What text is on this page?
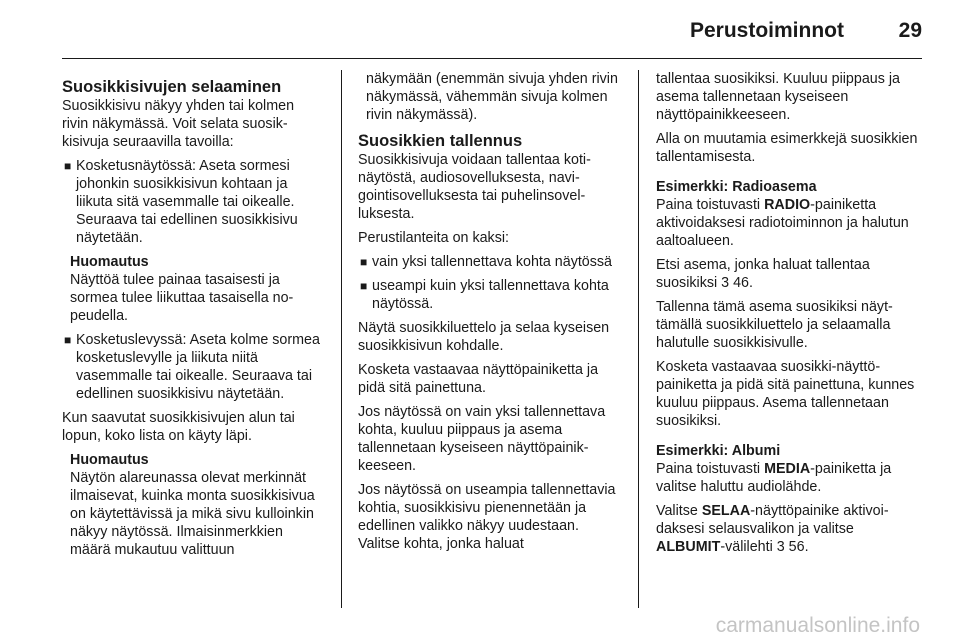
Perustoiminnot	29
Suosikkisivujen selaaminen

Suosikkisivu näkyy yhden tai kolmen rivin näkymässä. Voit selata suosikkisivuja seuraavilla tavoilla:

■ Kosketusnäytössä: Aseta sormesi johonkin suosikkisivun kohtaan ja liikuta sitä vasemmalle tai oikealle. Seuraava tai edellinen suosikkisivu näytetään.

Huomautus

Näyttöä tulee painaa tasaisesti ja sormea tulee liikuttaa tasaisella nopeudella.

■ Kosketuslevyssä: Aseta kolme sormea kosketuslevylle ja liikuta niitä vasemmalle tai oikealle. Seuraava tai edellinen suosikkisivu näytetään.

Kun saavutat suosikkisivujen alun tai lopun, koko lista on käyty läpi.

Huomautus

Näytön alareunassa olevat merkinnät ilmaisevat, kuinka monta suosikkisivua on käytettävissä ja mikä sivu kulloinkin näkyy näytössä. Ilmaisinmerkkien määrä mukautuu valittuun

näkymään (enemmän sivuja yhden rivin näkymässä, vähemmän sivuja kolmen rivin näkymässä).

Suosikkien tallennus

Suosikkisivuja voidaan tallentaa kotinäytöstä, audiosovelluksesta, navigointisovelluksesta tai puhelinsovelluksesta.

Perustilanteita on kaksi:

■ vain yksi tallennettava kohta näytössä
■ useampi kuin yksi tallennettava kohta näytössä.

Näytä suosikkiluettelo ja selaa kyseisen suosikkisivun kohdalle.

Kosketa vastaavaa näyttöpainiketta ja pidä sitä painettuna.

Jos näytössä on vain yksi tallennettava kohta, kuuluu piippaus ja asema tallennetaan kyseiseen näyttöpainikkeeseen.

Jos näytössä on useampia tallennettavia kohtia, suosikkisivu pienennetään ja edellinen valikko näkyy uudestaan. Valitse kohta, jonka haluat

tallentaa suosikiksi. Kuuluu piippaus ja asema tallennetaan kyseiseen näyttöpainikkeeseen.

Alla on muutamia esimerkkejä suosikkien tallentamisesta.

Esimerkki: Radioasema

Paina toistuvasti RADIO-painiketta aktivoidaksesi radiotoiminnon ja halutun aaltoalueen.

Etsi asema, jonka haluat tallentaa suosikiksi 3 46.

Tallenna tämä asema suosikiksi näyttämällä suosikkiluettelo ja selaamalla halutulle suosikkisivulle.

Kosketa vastaavaa suosikki-näyttöpainiketta ja pidä sitä painettuna, kunnes kuuluu piippaus. Asema tallennetaan suosikiksi.

Esimerkki: Albumi

Paina toistuvasti MEDIA-painiketta ja valitse haluttu audiolähde.

Valitse SELAA-näyttöpainike aktivoidaksesi selausvalikon ja valitse ALBUMIT-välilehti 3 56.

carmanualsonline.info
